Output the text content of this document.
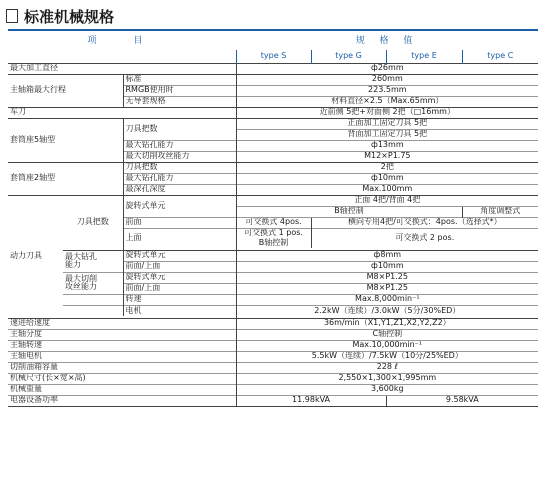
标准机械规格
项　目			规 格 值			
			type S	type G	type E	type C
最大加工直径			ф26mm			
主轴箱最大行程		标准	260mm			
		RMGB使用时	223.5mm			
		无导套规格	材料直径×2.5（Max.65mm）			
车刀			近前侧 5把+对面侧 2把（□16mm）			
套筒座5轴型		刀具把数	正面加工固定刀具 5把			
			背面加工固定刀具 5把			
		最大钻孔能力	ф13mm			
		最大切削攻丝能力	M12×P1.75			
套筒座2轴型		刀具把数	2把			
		最大钻孔能力	ф10mm			
		最深孔深度	Max.100mm			
动力刀具	刀具把数	旋转式单元	正面 4把/背面 4把			
			B轴控制			角度调整式
		前面	可交换式 4pos.	横向专用4把/可交换式：4pos.（选择式*）		
		上面	可交换式 1 pos.	可交换式 2 pos.		
			B轴控制			

	最大钻孔
能力	旋转式单元	ф8mm			
		前面/上面	ф10mm			
	最大切削
攻丝能力	旋转式单元	M8×P1.25			
		前面/上面	M8×P1.25			
		转速	Max.8,000min⁻¹			
		电机	2.2kW（连续）/3.0kW（5分/30%ED）			

速进给速度			36m/min（X1,Y1,Z1,X2,Y2,Z2）			
主轴分度			C轴控制			
主轴转速			Max.10,000min⁻¹			
主轴电机			5.5kW（连续）/7.5kW（10分/25%ED）			
切削油箱容量			228 ℓ			
机械尺寸(长×宽×高)			2,550×1,300×1,995mm			
机械重量			3,600kg			
电器设备功率			11.98kVA		9.58kVA	
